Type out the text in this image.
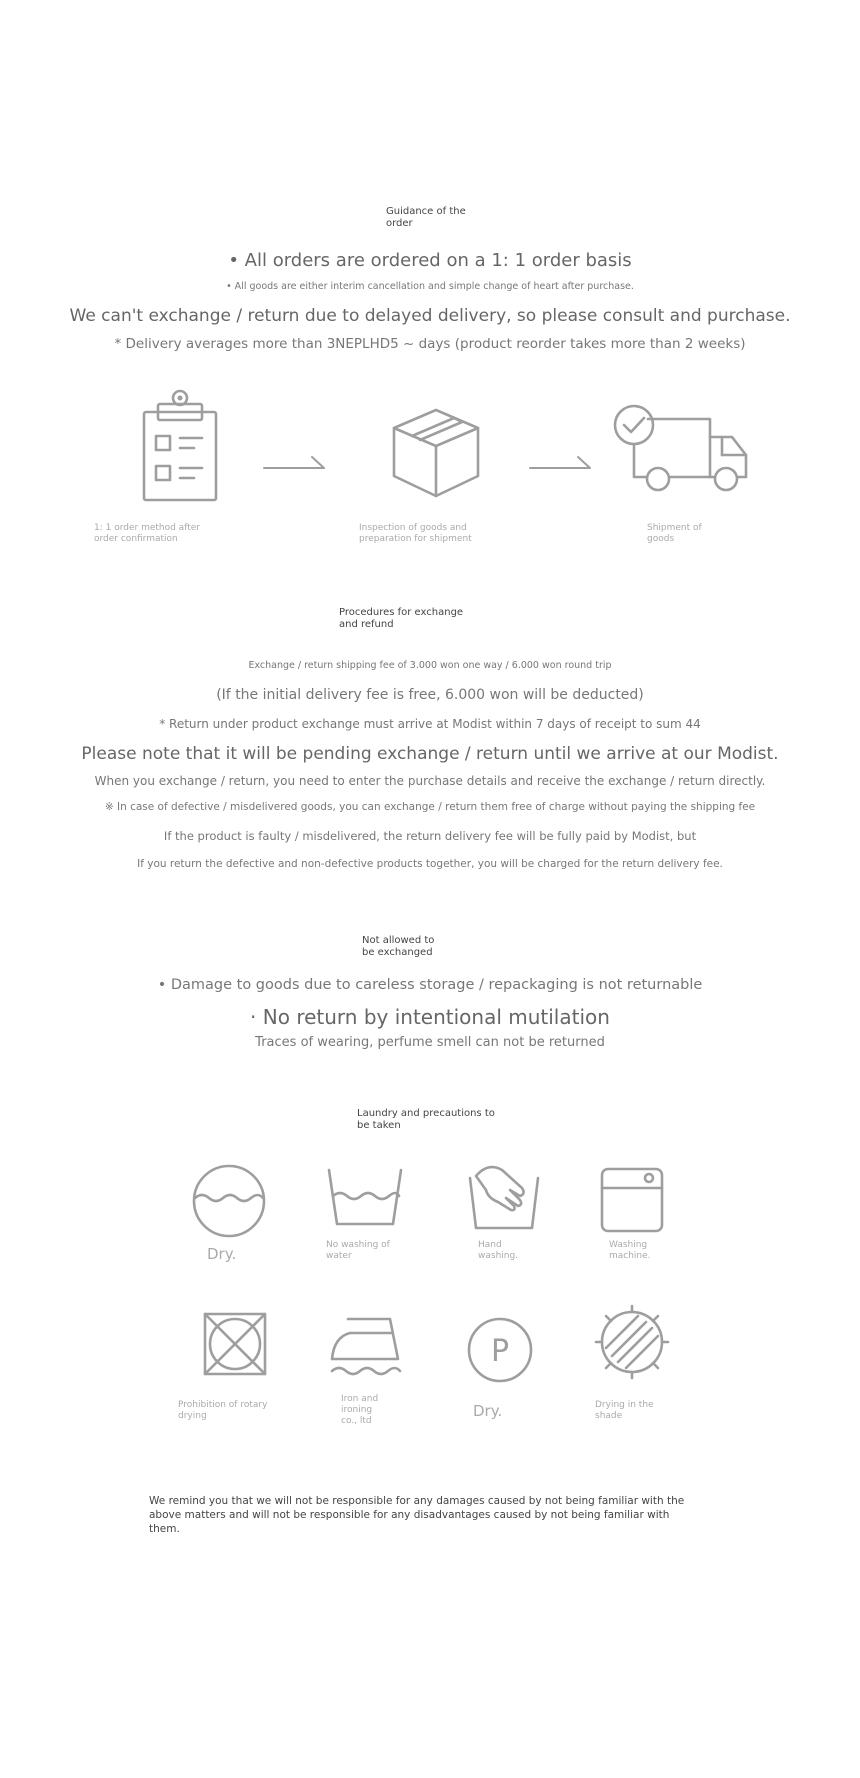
Guidance of the order
• All orders are ordered on a 1: 1 order basis
• All goods are either interim cancellation and simple change of heart after purchase.
We can't exchange / return due to delayed delivery, so please consult and purchase.
* Delivery averages more than 3NEPLHD5 ~ days (product reorder takes more than 2 weeks)
1: 1 order method after order confirmation
Inspection of goods and preparation for shipment
Shipment of goods
Procedures for exchange and refund
Exchange / return shipping fee of 3.000 won one way / 6.000 won round trip
(If the initial delivery fee is free, 6.000 won will be deducted)
* Return under product exchange must arrive at Modist within 7 days of receipt to sum 44
Please note that it will be pending exchange / return until we arrive at our Modist.
When you exchange / return, you need to enter the purchase details and receive the exchange / return directly.
※ In case of defective / misdelivered goods, you can exchange / return them free of charge without paying the shipping fee
If the product is faulty / misdelivered, the return delivery fee will be fully paid by Modist, but
If you return the defective and non-defective products together, you will be charged for the return delivery fee.
Not allowed to be exchanged
• Damage to goods due to careless storage / repackaging is not returnable
· No return by intentional mutilation
Traces of wearing, perfume smell can not be returned
Laundry and precautions to be taken
Dry.	No washing of water
Hand washing.
Washing machine.
P
Prohibition of rotary drying
Iron and ironing co., ltd
Dry.	Drying in the shade
We remind you that we will not be responsible for any damages caused by not being familiar with the above matters and will not be responsible for any disadvantages caused by not being familiar with them.
